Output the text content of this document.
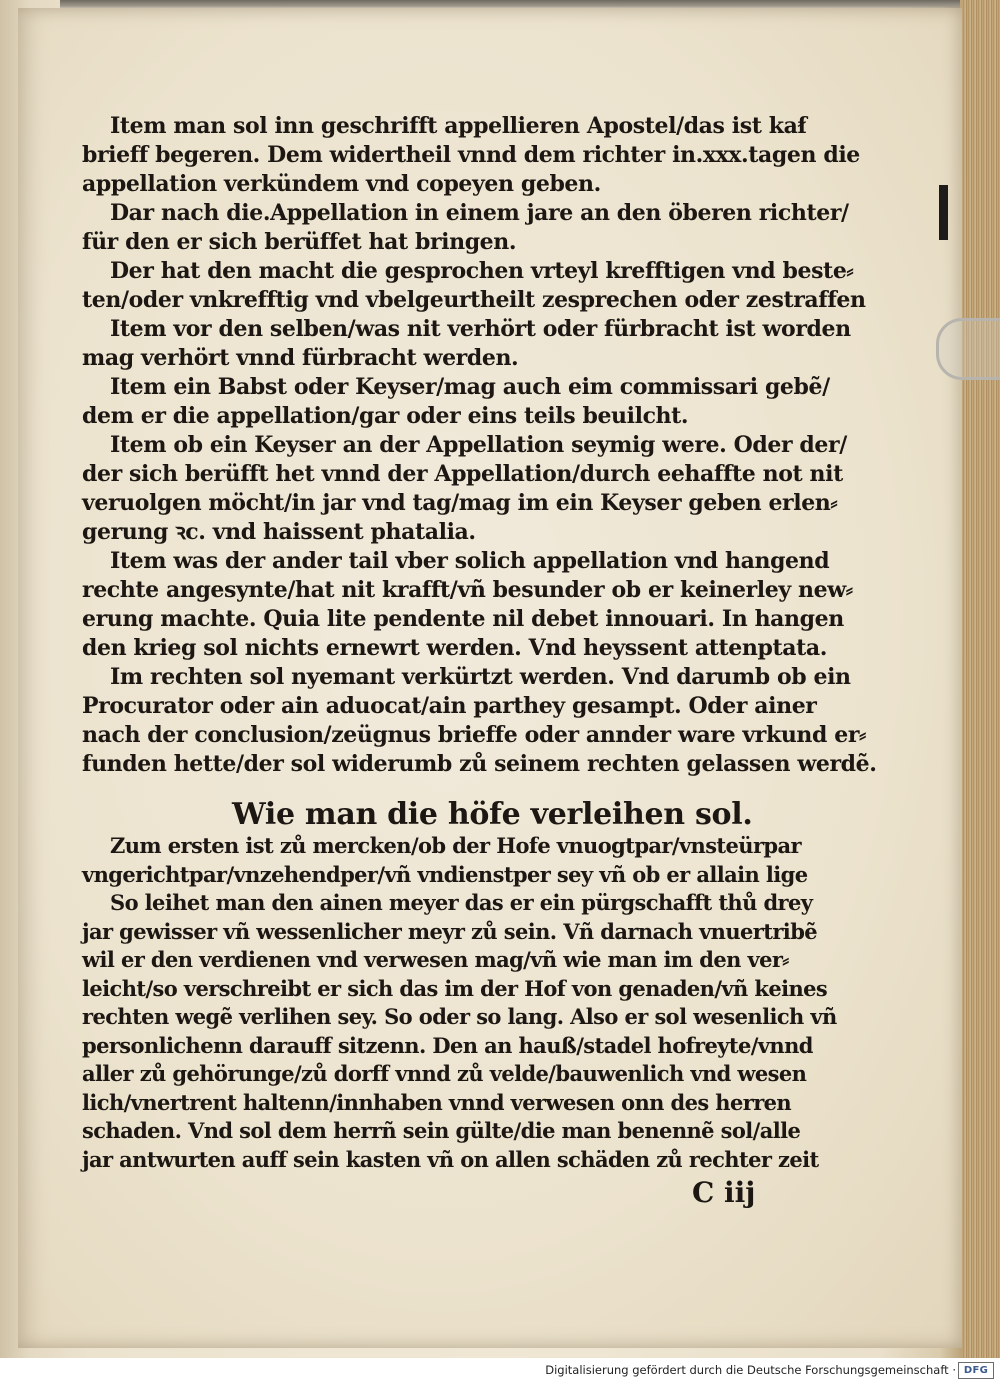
Item man sol inn geschrifft appellieren Apostel/das ist kaẜ
brieff begeren. Dem widertheil vnnd dem richter in.xxx.tagen die
appellation verkündem vnd copeyen geben.
Dar nach die.Appellation in einem jare an den öberen richter/
für den er sich berüffet hat bringen.
Der hat den macht die gesprochen vrteyl krefftigen vnd beste⸗
ten/oder vnkrefftig vnd vbelgeurtheilt zesprechen oder zestraffen
Item vor den selben/was nit verhört oder fürbracht ist worden
mag verhört vnnd fürbracht werden.
Item ein Babst oder Keyser/mag auch eim commissari gebẽ/
dem er die appellation/gar oder eins teils beuilcht.
Item ob ein Keyser an der Appellation seymig were. Oder der/
der sich berüfft het vnnd der Appellation/durch eehaffte not nit
veruolgen möcht/in jar vnd tag/mag im ein Keyser geben erlen⸗
gerung ꝛc. vnd haissent phatalia.
Item was der ander tail vber solich appellation vnd hangend
rechte angesynte/hat nit krafft/vñ besunder ob er keinerley new⸗
erung machte. Quia lite pendente nil debet innouari. In hangen
den krieg sol nichts ernewrt werden. Vnd heyssent attenptata.
Im rechten sol nyemant verkürtzt werden. Vnd darumb ob ein
Procurator oder ain aduocat/ain parthey gesampt. Oder ainer
nach der conclusion/zeügnus brieffe oder annder ware vrkund er⸗
funden hette/der sol widerumb zů seinem rechten gelassen werdẽ.
Wie man die höfe verleihen sol.
Zum ersten ist zů mercken/ob der Hofe vnuogtpar/vnsteürpar
vngerichtpar/vnzehendper/vñ vndienstper sey vñ ob er allain lige
So leihet man den ainen meyer das er ein pürgschafft thů drey
jar gewisser vñ wessenlicher meyr zů sein. Vñ darnach vnuertribẽ
wil er den verdienen vnd verwesen mag/vñ wie man im den ver⸗
leicht/so verschreibt er sich das im der Hof von genaden/vñ keines
rechten wegẽ verlihen sey. So oder so lang. Also er sol wesenlich vñ
personlichenn darauff sitzenn. Den an hauß/stadel hofreyte/vnnd
aller zů gehörunge/zů dorff vnnd zů velde/bauwenlich vnd wesen
lich/vnertrent haltenn/innhaben vnnd verwesen onn des herren
schaden. Vnd sol dem herrñ sein gülte/die man benennẽ sol/alle
jar antwurten auff sein kasten vñ on allen schäden zů rechter zeit
C iij
Digitalisierung gefördert durch die Deutsche Forschungsgemeinschaft · DFG
